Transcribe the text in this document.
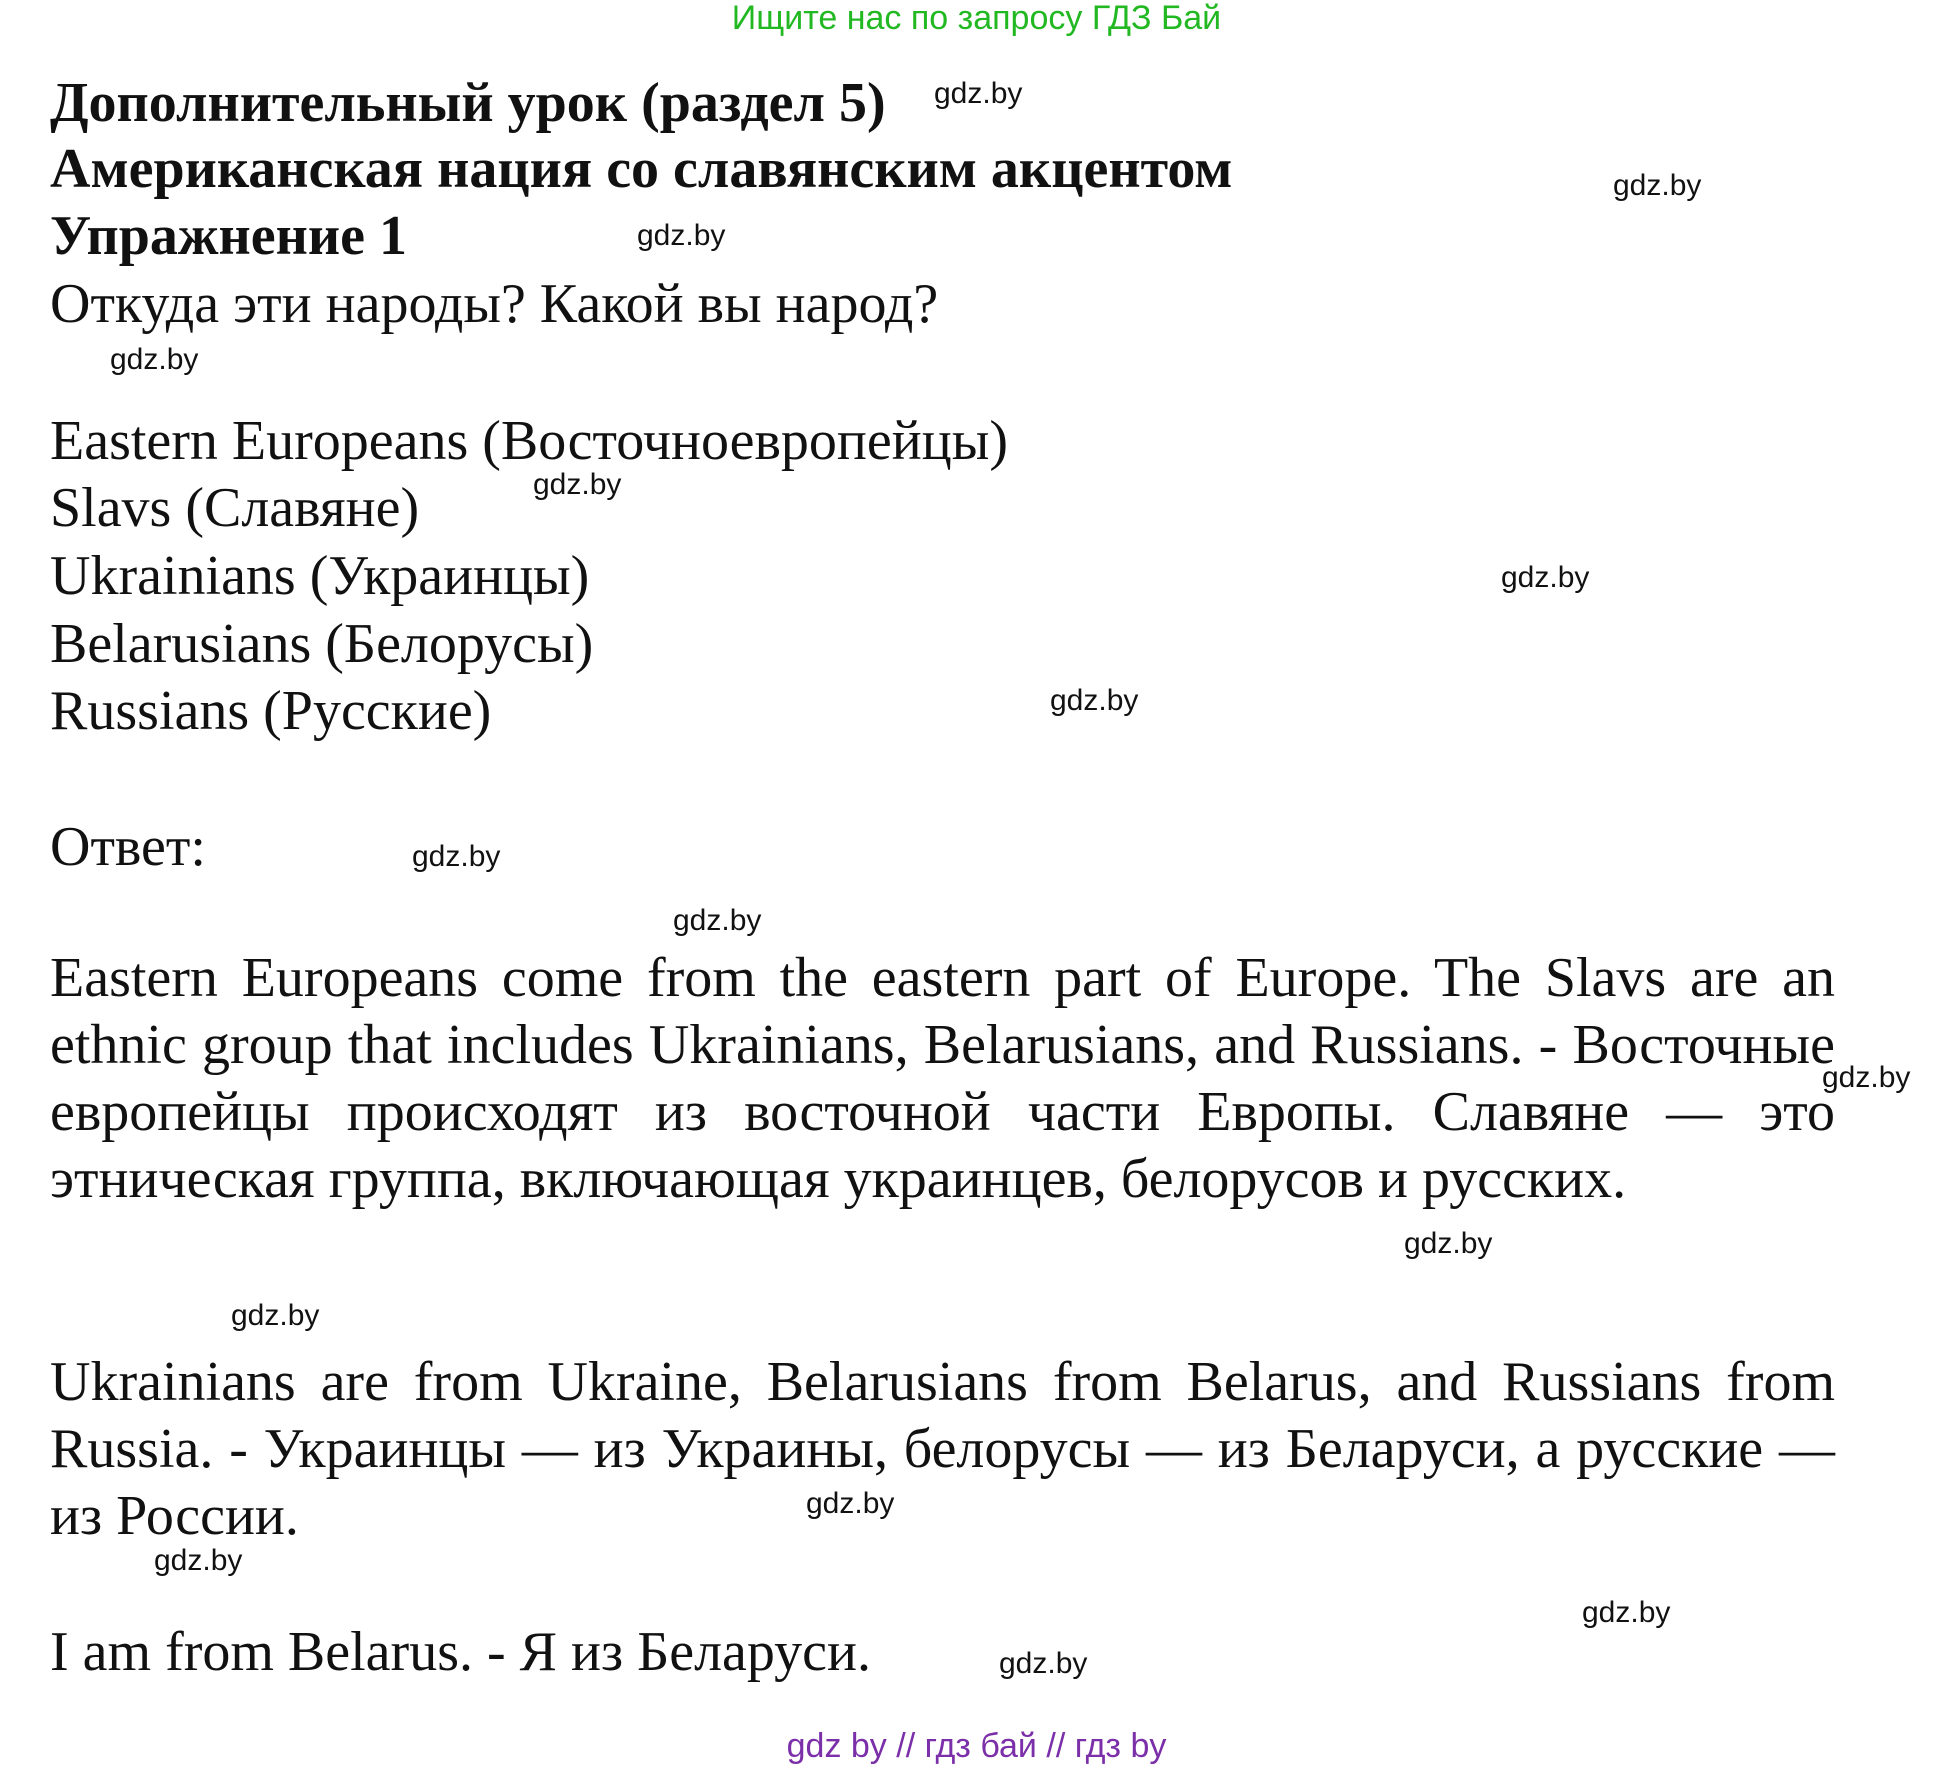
Ищите нас по запросу ГДЗ Бай
Дополнительный урок (раздел 5)
Американская нация со славянским акцентом
Упражнение 1
Откуда эти народы? Какой вы народ?
Eastern Europeans (Восточноевропейцы)
Slavs (Славяне)
Ukrainians (Украинцы)
Belarusians (Белорусы)
Russians (Русские)
Ответ:
Eastern Europeans come from the eastern part of Europe. The Slavs are an ethnic group that includes Ukrainians, Belarusians, and Russians. - Восточные европейцы происходят из восточной части Европы. Славяне — это этническая группа, включающая украинцев, белорусов и русских.
Ukrainians are from Ukraine, Belarusians from Belarus, and Russians from Russia. - Украинцы — из Украины, белорусы — из Беларуси, а русские — из России.
I am from Belarus. - Я из Беларуси.
gdz.by
gdz.by
gdz.by
gdz.by
gdz.by
gdz.by
gdz.by
gdz.by
gdz.by
gdz.by
gdz.by
gdz.by
gdz.by
gdz.by
gdz.by
gdz.by
gdz by // гдз бай // гдз by
